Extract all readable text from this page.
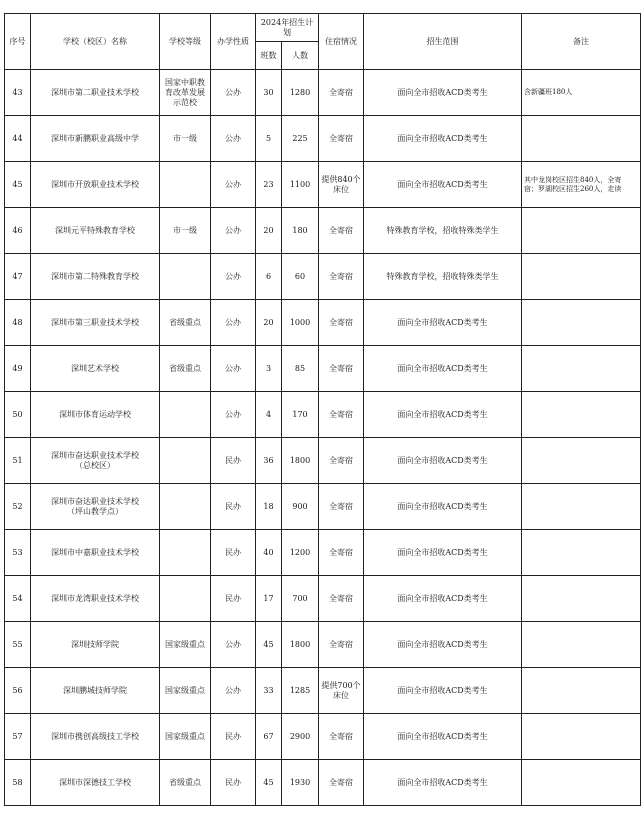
序号	学校（校区）名称	学校等级	办学性质	2024年招生计划		住宿情况	招生范围	备注
				班数	人数			
43	深圳市第二职业技术学校	国家中职教
育改革发展
示范校	公办	30	1280	全寄宿	面向全市招收ACD类考生	含新疆班180人
44	深圳市新鹏职业高级中学	市一级	公办	5	225	全寄宿	面向全市招收ACD类考生	
45	深圳市开放职业技术学校		公办	23	1100	提供840个
床位	面向全市招收ACD类考生	其中龙岗校区招生840人，全寄
宿；罗湖校区招生260人，走读
46	深圳元平特殊教育学校	市一级	公办	20	180	全寄宿	特殊教育学校，招收特殊类学生	
47	深圳市第二特殊教育学校		公办	6	60	全寄宿	特殊教育学校，招收特殊类学生	
48	深圳市第三职业技术学校	省级重点	公办	20	1000	全寄宿	面向全市招收ACD类考生	
49	深圳艺术学校	省级重点	公办	3	85	全寄宿	面向全市招收ACD类考生	
50	深圳市体育运动学校		公办	4	170	全寄宿	面向全市招收ACD类考生	
51	深圳市奋达职业技术学校
（总校区）		民办	36	1800	全寄宿	面向全市招收ACD类考生	
52	深圳市奋达职业技术学校
（坪山教学点）		民办	18	900	全寄宿	面向全市招收ACD类考生	
53	深圳市中嘉职业技术学校		民办	40	1200	全寄宿	面向全市招收ACD类考生	
54	深圳市龙湾职业技术学校		民办	17	700	全寄宿	面向全市招收ACD类考生	
55	深圳技师学院	国家级重点	公办	45	1800	全寄宿	面向全市招收ACD类考生	
56	深圳鹏城技师学院	国家级重点	公办	33	1285	提供700个
床位	面向全市招收ACD类考生	
57	深圳市携创高级技工学校	国家级重点	民办	67	2900	全寄宿	面向全市招收ACD类考生	
58	深圳市深德技工学校	省级重点	民办	45	1930	全寄宿	面向全市招收ACD类考生	
